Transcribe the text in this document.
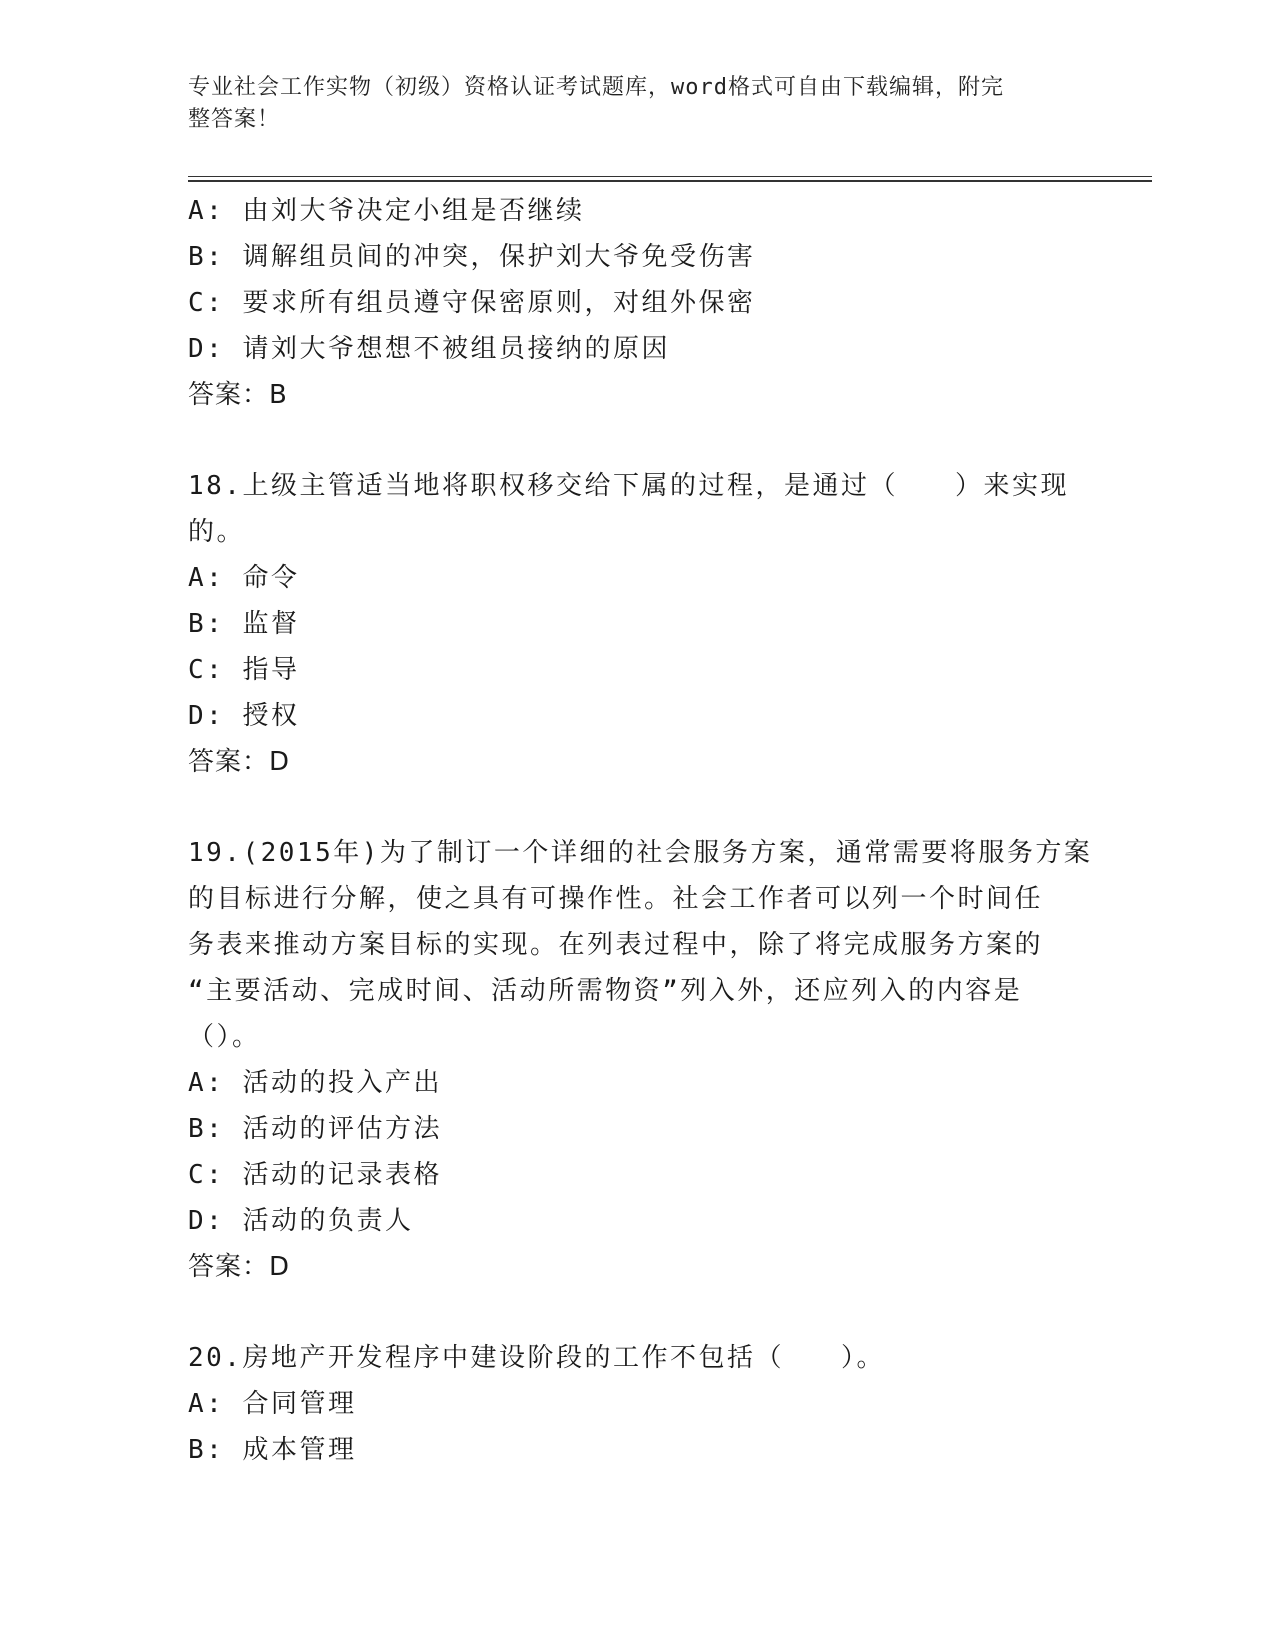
专业社会工作实物（初级）资格认证考试题库，word格式可自由下载编辑，附完
整答案！
A: 由刘大爷决定小组是否继续
B: 调解组员间的冲突，保护刘大爷免受伤害
C: 要求所有组员遵守保密原则，对组外保密
D: 请刘大爷想想不被组员接纳的原因
答案：B
18.上级主管适当地将职权移交给下属的过程，是通过（　　）来实现
的。
A: 命令
B: 监督
C: 指导
D: 授权
答案：D
19.(2015年)为了制订一个详细的社会服务方案，通常需要将服务方案
的目标进行分解，使之具有可操作性。社会工作者可以列一个时间任
务表来推动方案目标的实现。在列表过程中，除了将完成服务方案的
“主要活动、完成时间、活动所需物资”列入外，还应列入的内容是
（）。
A: 活动的投入产出
B: 活动的评估方法
C: 活动的记录表格
D: 活动的负责人
答案：D
20.房地产开发程序中建设阶段的工作不包括（　　）。
A: 合同管理
B: 成本管理
